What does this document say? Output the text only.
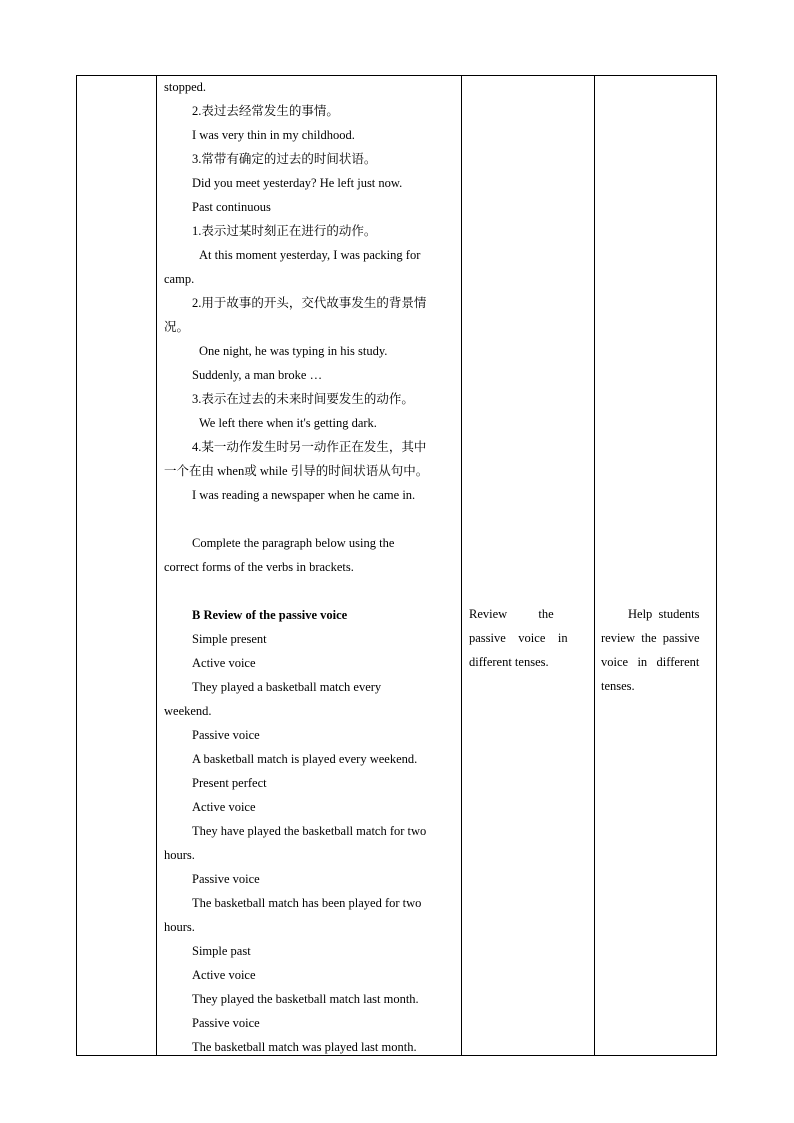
stopped.
2.表过去经常发生的事情。
I was very thin in my childhood.
3.常带有确定的过去的时间状语。
Did you meet yesterday? He left just now.
Past continuous
1.表示过某时刻正在进行的动作。
At this moment yesterday, I was packing for
camp.
2.用于故事的开头，交代故事发生的背景情
况。
One night, he was typing in his study.
Suddenly, a man broke …
3.表示在过去的未来时间要发生的动作。
We left there when it's getting dark.
4.某一动作发生时另一动作正在发生，其中
一个在由 when或 while 引导的时间状语从句中。
I was reading a newspaper when he came in.
Complete the paragraph below using the
correct forms of the verbs in brackets.
B Review of the passive voice
Simple present
Active voice
They played a basketball match every
weekend.
Passive voice
A basketball match is played every weekend.
Present perfect
Active voice
They have played the basketball match for two
hours.
Passive voice
The basketball match has been played for two
hours.
Simple past
Active voice
They played the basketball match last month.
Passive voice
The basketball match was played last month.
Review          the
passive    voice    in
different tenses.
Help  students
review  the  passive
voice   in   different
tenses.
